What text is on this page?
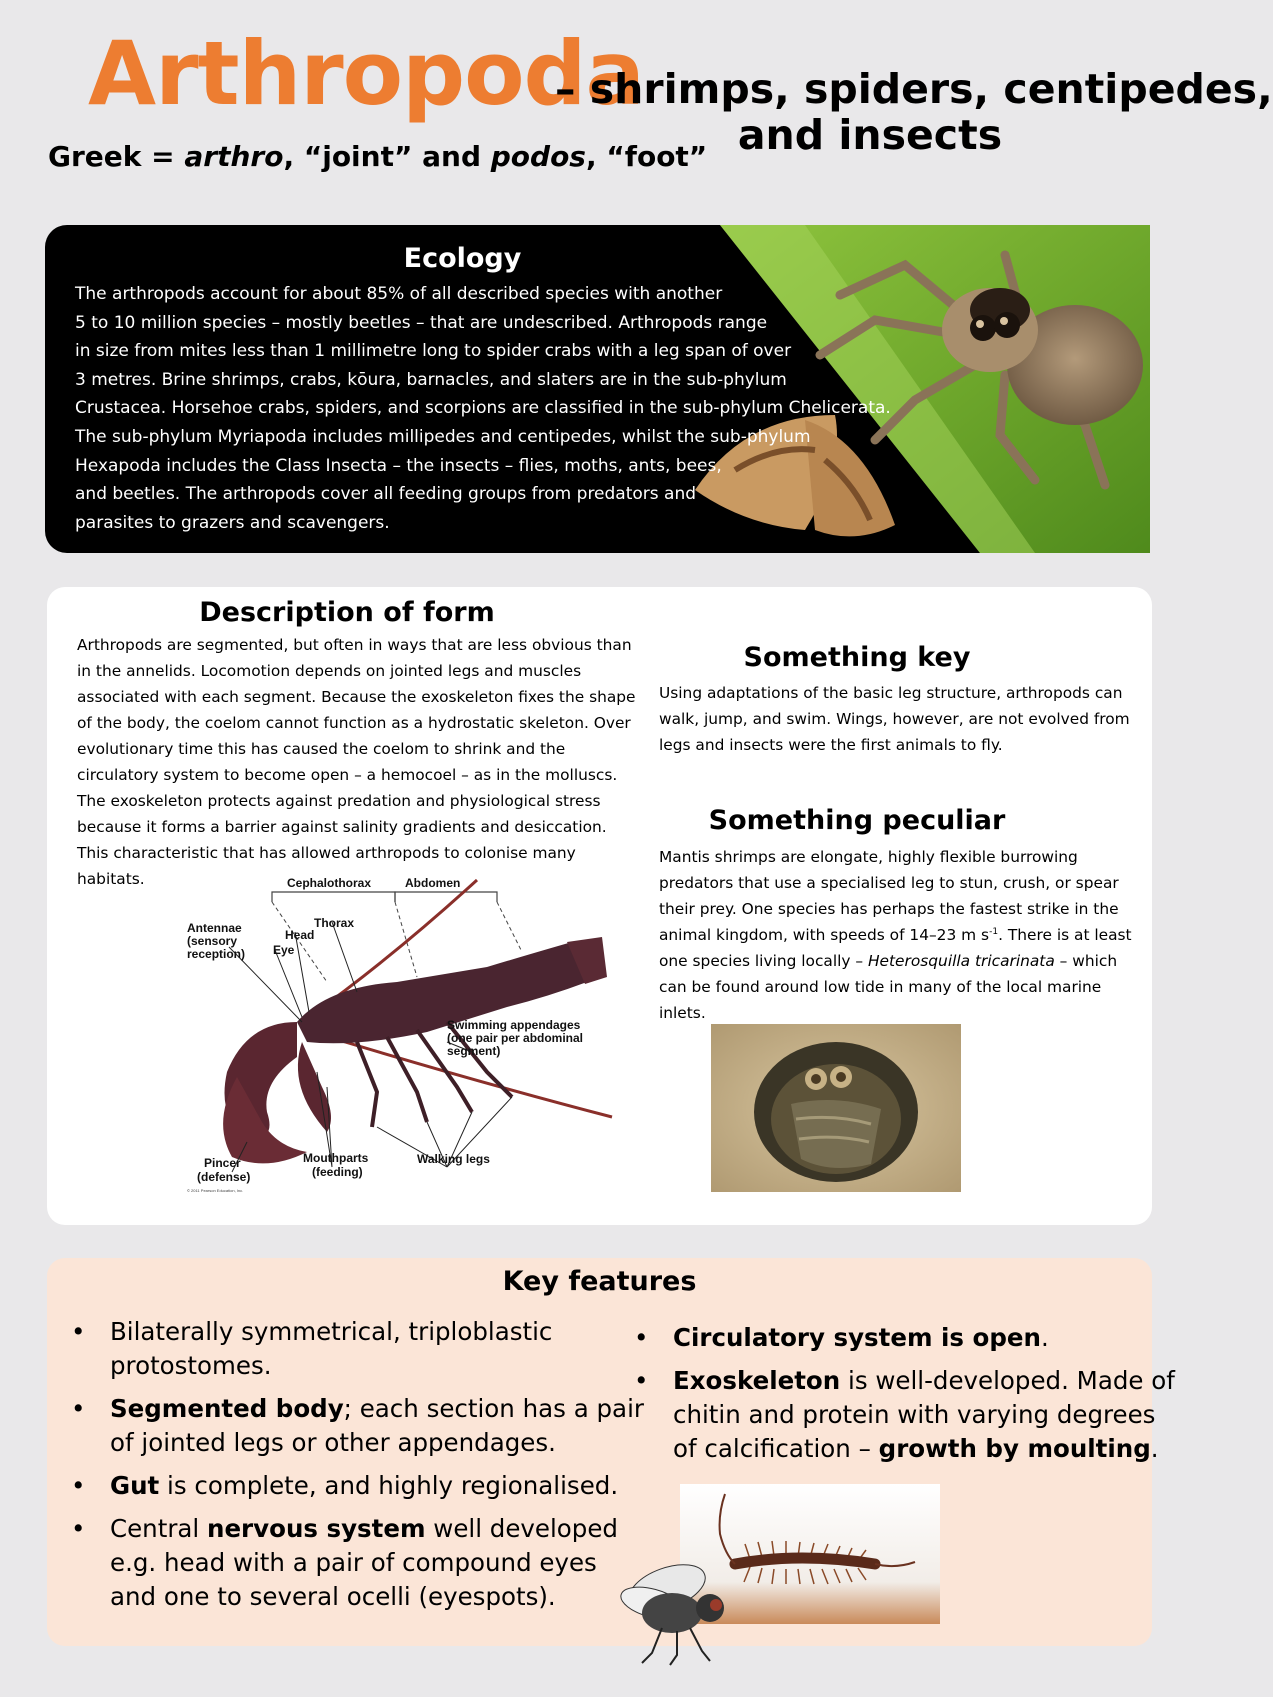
Arthropoda
– shrimps, spiders, centipedes,
and insects
Greek = arthro, “joint” and podos, “foot”
Ecology
The arthropods account for about 85% of all described species with another
5 to 10 million species – mostly beetles – that are undescribed. Arthropods range
in size from mites less than 1 millimetre long to spider crabs with a leg span of over
3 metres. Brine shrimps, crabs, kōura, barnacles, and slaters are in the sub-phylum
Crustacea. Horsehoe crabs, spiders, and scorpions are classified in the sub-phylum Chelicerata.
The sub-phylum Myriapoda includes millipedes and centipedes, whilst the sub-phylum
Hexapoda includes the Class Insecta – the insects – flies, moths, ants, bees,
and beetles. The arthropods cover all feeding groups from predators and
parasites to grazers and scavengers.
Description of form
Arthropods are segmented, but often in ways that are less obvious than
in the annelids. Locomotion depends on jointed legs and muscles
associated with each segment. Because the exoskeleton fixes the shape
of the body, the coelom cannot function as a hydrostatic skeleton. Over
evolutionary time this has caused the coelom to shrink and the
circulatory system to become open – a hemocoel – as in the molluscs.
The exoskeleton protects against predation and physiological stress
because it forms a barrier against salinity gradients and desiccation.
This characteristic that has allowed arthropods to colonise many
habitats.	Cephalothorax	Abdomen
Antennae
(sensory
reception)
Head
Eye
Thorax
Swimming appendages
(one pair per abdominal
segment)
Pincer
(defense)
Mouthparts
(feeding)
Walking legs
© 2011 Pearson Education, Inc.
Something key
Using adaptations of the basic leg structure, arthropods can
walk, jump, and swim. Wings, however, are not evolved from
legs and insects were the first animals to fly.
Something peculiar
Mantis shrimps are elongate, highly flexible burrowing
predators that use a specialised leg to stun, crush, or spear
their prey. One species has perhaps the fastest strike in the
animal kingdom, with speeds of 14–23 m $s^{-1}$. There is at least
one species living locally – Heterosquilla tricarinata – which
can be found around low tide in many of the local marine
inlets.
Key features
• Bilaterally symmetrical, triploblastic
protostomes.
• Segmented body; each section has a pair
of jointed legs or other appendages.
• Gut is complete, and highly regionalised.
• Central nervous system well developed
e.g. head with a pair of compound eyes
and one to several ocelli (eyespots).
• Circulatory system is open.
• Exoskeleton is well-developed. Made of
chitin and protein with varying degrees
of calcification – growth by moulting.
